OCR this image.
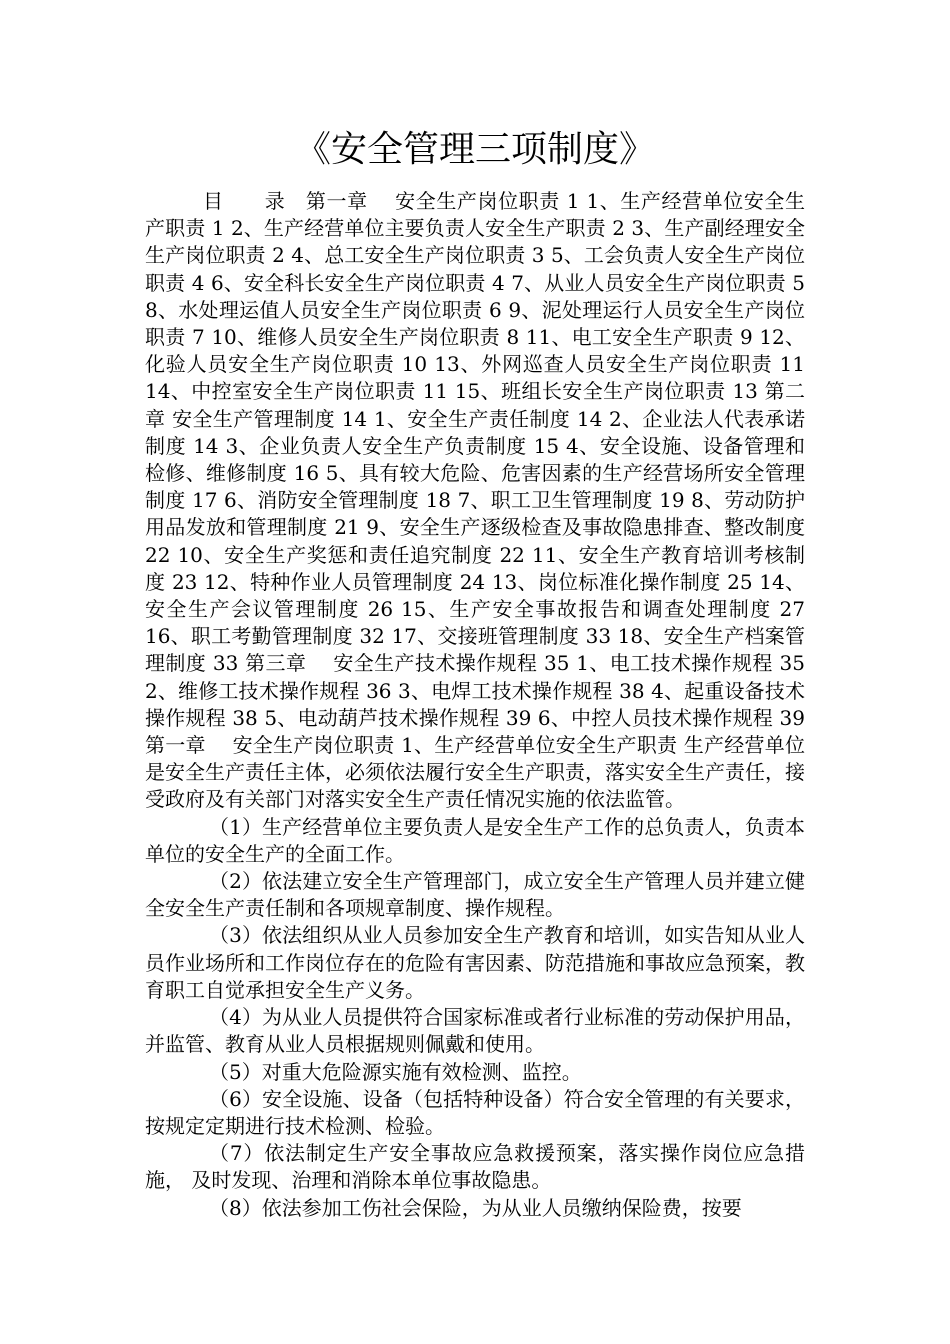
《安全管理三项制度》

目　　录　第一章　 安全生产岗位职责 1 1、生产经营单位安全生产职责 1 2、生产经营单位主要负责人安全生产职责 2 3、生产副经理安全生产岗位职责 2 4、总工安全生产岗位职责 3 5、工会负责人安全生产岗位职责 4 6、安全科长安全生产岗位职责 4 7、从业人员安全生产岗位职责 5 8、水处理运值人员安全生产岗位职责 6 9、泥处理运行人员安全生产岗位职责 7 10、维修人员安全生产岗位职责 8 11、电工安全生产职责 9 12、化验人员安全生产岗位职责 10 13、外网巡查人员安全生产岗位职责 11 14、中控室安全生产岗位职责 11 15、班组长安全生产岗位职责 13 第二章 安全生产管理制度 14 1、安全生产责任制度 14 2、企业法人代表承诺制度 14 3、企业负责人安全生产负责制度 15 4、安全设施、设备管理和检修、维修制度 16 5、具有较大危险、危害因素的生产经营场所安全管理制度 17 6、消防安全管理制度 18 7、职工卫生管理制度 19 8、劳动防护用品发放和管理制度 21 9、安全生产逐级检查及事故隐患排查、整改制度 22 10、安全生产奖惩和责任追究制度 22 11、安全生产教育培训考核制度 23 12、特种作业人员管理制度 24 13、岗位标准化操作制度 25 14、安全生产会议管理制度 26 15、生产安全事故报告和调查处理制度 27 16、职工考勤管理制度 32 17、交接班管理制度 33 18、安全生产档案管理制度 33 第三章　 安全生产技术操作规程 35 1、电工技术操作规程 35 2、维修工技术操作规程 36 3、电焊工技术操作规程 38 4、起重设备技术操作规程 38 5、电动葫芦技术操作规程 39 6、中控人员技术操作规程 39　 第一章　 安全生产岗位职责 1、生产经营单位安全生产职责 生产经营单位是安全生产责任主体，必须依法履行安全生产职责，落实安全生产责任，接受政府及有关部门对落实安全生产责任情况实施的依法监管。

（1）生产经营单位主要负责人是安全生产工作的总负责人，负责本单位的安全生产的全面工作。

（2）依法建立安全生产管理部门，成立安全生产管理人员并建立健全安全生产责任制和各项规章制度、操作规程。

（3）依法组织从业人员参加安全生产教育和培训，如实告知从业人员作业场所和工作岗位存在的危险有害因素、防范措施和事故应急预案，教育职工自觉承担安全生产义务。

（4）为从业人员提供符合国家标准或者行业标准的劳动保护用品，并监管、教育从业人员根据规则佩戴和使用。

（5）对重大危险源实施有效检测、监控。

（6）安全设施、设备（包括特种设备）符合安全管理的有关要求，按规定定期进行技术检测、检验。

（7）依法制定生产安全事故应急救援预案，落实操作岗位应急措施， 及时发现、治理和消除本单位事故隐患。

（8）依法参加工伤社会保险，为从业人员缴纳保险费，按要
